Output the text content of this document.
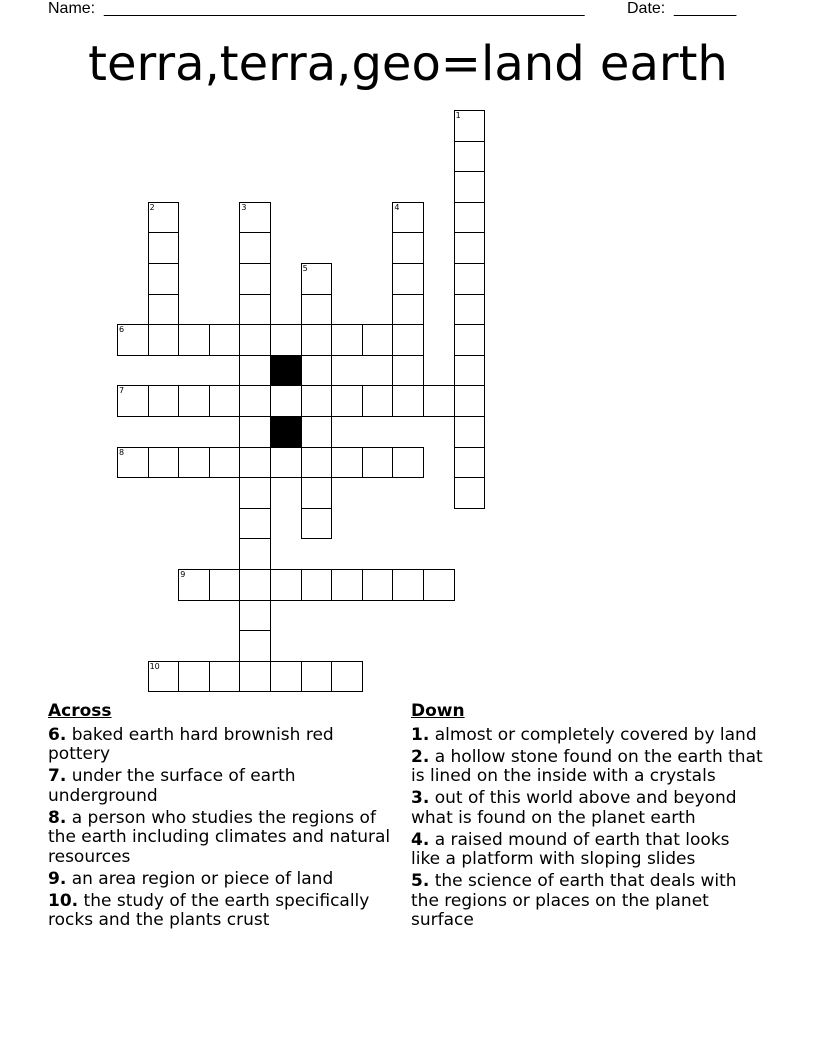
Name: ______________________________________________________	Date: _______
terra,terra,geo=land earth
1
2	3	4
5
6
7
8
9
10
Across
6. baked earth hard brownish red pottery
7. under the surface of earth underground
8. a person who studies the regions of the earth including climates and natural resources
9. an area region or piece of land
10. the study of the earth specifically rocks and the plants crust
Down
1. almost or completely covered by land
2. a hollow stone found on the earth that is lined on the inside with a crystals
3. out of this world above and beyond what is found on the planet earth
4. a raised mound of earth that looks like a platform with sloping slides
5. the science of earth that deals with the regions or places on the planet surface
